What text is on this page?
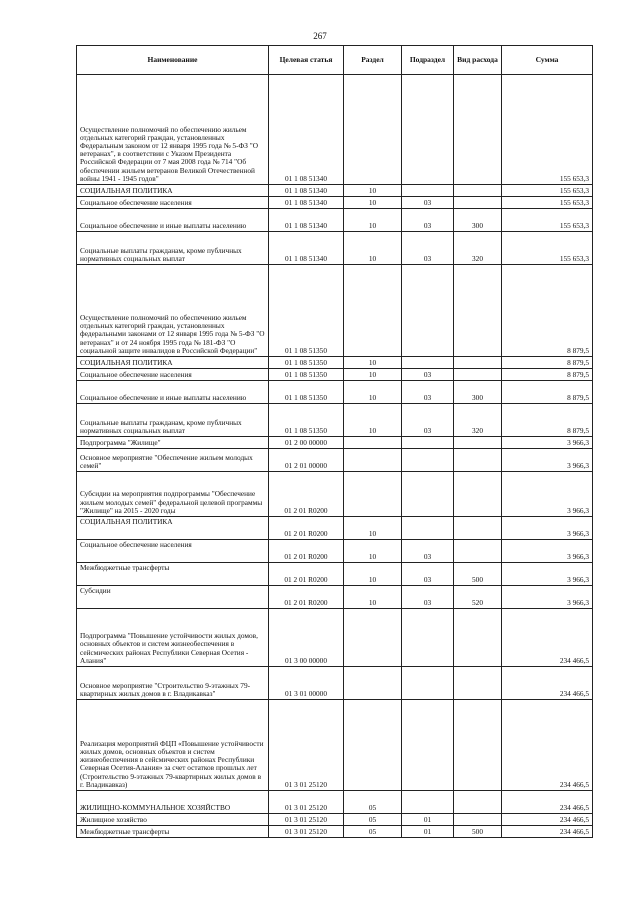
267
Наименование	Целевая статья	Раздел	Подраздел	Вид расхода	Сумма
Осуществление полномочий по обеспечению жильем отдельных категорий граждан, установленных Федеральным законом от 12 января 1995 года № 5-ФЗ "О ветеранах", в соответствии с Указом Президента Российской Федерации от 7 мая 2008 года № 714 "Об обеспечении жильем ветеранов Великой Отечественной войны 1941 - 1945 годов"	01 1 08 51340				155 653,3
СОЦИАЛЬНАЯ ПОЛИТИКА	01 1 08 51340	10			155 653,3
Социальное обеспечение населения	01 1 08 51340	10	03		155 653,3
Социальное обеспечение и иные выплаты населению	01 1 08 51340	10	03	300	155 653,3
Социальные выплаты гражданам, кроме публичных нормативных социальных выплат	01 1 08 51340	10	03	320	155 653,3
Осуществление полномочий по обеспечению жильем отдельных категорий граждан, установленных федеральными законами от 12 января 1995 года № 5-ФЗ "О ветеранах" и от 24 ноября 1995 года № 181-ФЗ "О социальной защите инвалидов в Российской Федерации"	01 1 08 51350				8 879,5
СОЦИАЛЬНАЯ ПОЛИТИКА	01 1 08 51350	10			8 879,5
Социальное обеспечение населения	01 1 08 51350	10	03		8 879,5
Социальное обеспечение и иные выплаты населению	01 1 08 51350	10	03	300	8 879,5
Социальные выплаты гражданам, кроме публичных нормативных социальных выплат	01 1 08 51350	10	03	320	8 879,5
Подпрограмма "Жилище"	01 2 00 00000				3 966,3
Основное мероприятие "Обеспечение жильем молодых семей"	01 2 01 00000				3 966,3
Субсидии на мероприятия подпрограммы "Обеспечение жильем молодых семей" федеральной целевой программы "Жилище" на 2015 - 2020 годы	01 2 01 R0200				3 966,3
СОЦИАЛЬНАЯ ПОЛИТИКА	01 2 01 R0200	10			3 966,3
Социальное обеспечение населения	01 2 01 R0200	10	03		3 966,3
Межбюджетные трансферты	01 2 01 R0200	10	03	500	3 966,3
Субсидии	01 2 01 R0200	10	03	520	3 966,3
Подпрограмма "Повышение устойчивости жилых домов, основных объектов и систем жизнеобеспечения в сейсмических районах Республики Северная Осетия - Алания"	01 3 00 00000				234 466,5
Основное мероприятие "Строительство 9-этажных 79-квартирных жилых домов в г. Владикавказ"	01 3 01 00000				234 466,5
Реализация мероприятий ФЦП «Повышение устойчивости жилых домов, основных объектов и систем жизнеобеспечения в сейсмических районах Республики Северная Осетия-Алания» за счет остатков прошлых лет (Строительство 9-этажных 79-квартирных жилых домов в г. Владикавказ)	01 3 01 25120				234 466,5
ЖИЛИЩНО-КОММУНАЛЬНОЕ ХОЗЯЙСТВО	01 3 01 25120	05			234 466,5
Жилищное хозяйство	01 3 01 25120	05	01		234 466,5
Межбюджетные трансферты	01 3 01 25120	05	01	500	234 466,5
